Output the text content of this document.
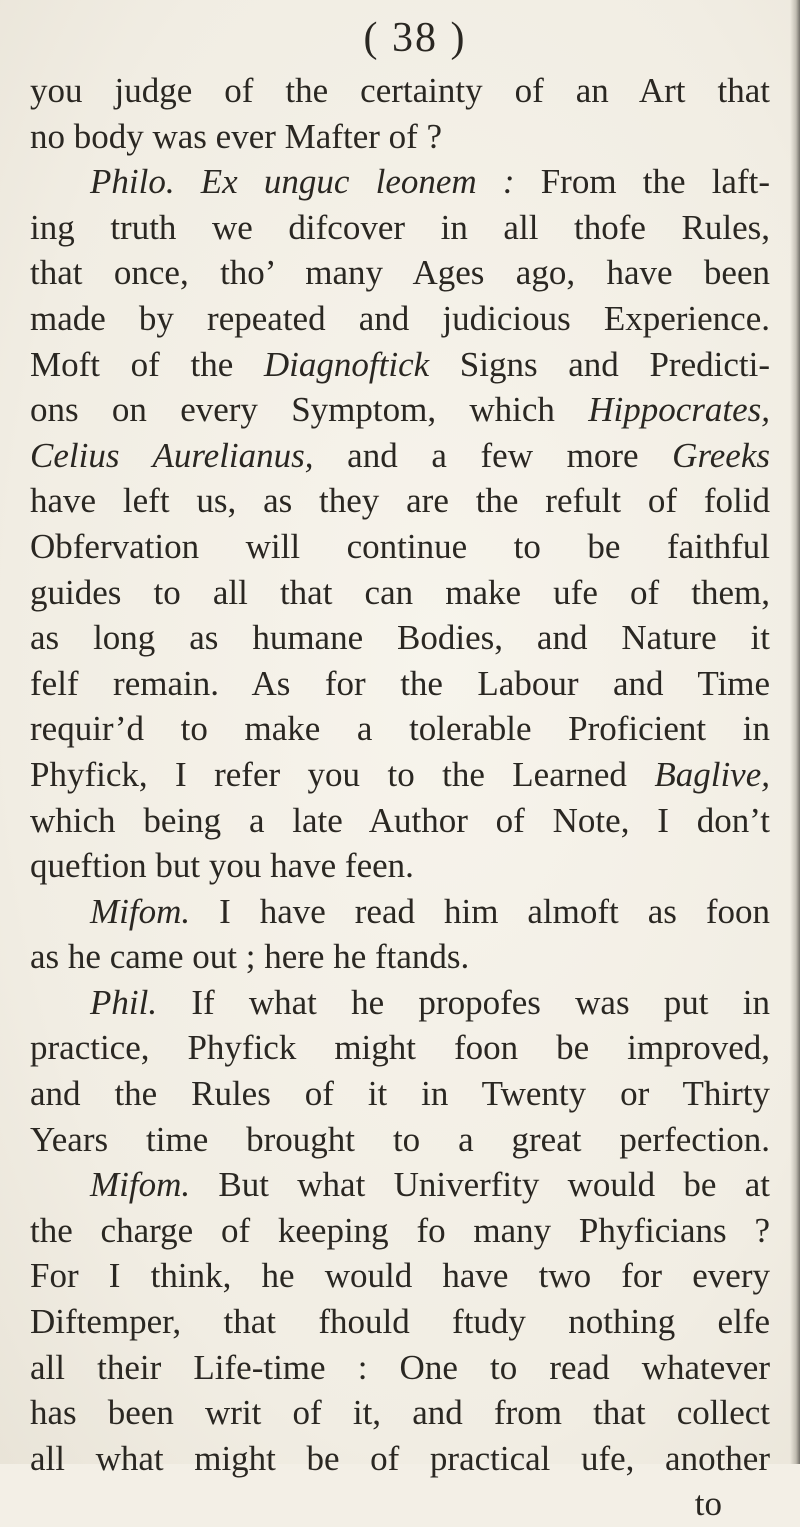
( 38 )
you judge of the certainty of an Art that
no body was ever Mafter of ?
Philo. Ex unguc leonem : From the laft-
ing truth we difcover in all thofe Rules,
that once, tho’ many Ages ago, have been
made by repeated and judicious Experience.
Moft of the Diagnoftick Signs and Predicti-
ons on every Symptom, which Hippocrates,
Celius Aurelianus, and a few more Greeks
have left us, as they are the refult of folid
Obfervation will continue to be faithful
guides to all that can make ufe of them,
as long as humane Bodies, and Nature it
felf remain. As for the Labour and Time
requir’d to make a tolerable Proficient in
Phyfick, I refer you to the Learned Baglive,
which being a late Author of Note, I don’t
queftion but you have feen.
Mifom. I have read him almoft as foon
as he came out ; here he ftands.
Phil. If what he propofes was put in
practice, Phyfick might foon be improved,
and the Rules of it in Twenty or Thirty
Years time brought to a great perfection.
Mifom. But what Univerfity would be at
the charge of keeping fo many Phyficians ?
For I think, he would have two for every
Diftemper, that fhould ftudy nothing elfe
all their Life-time : One to read whatever
has been writ of it, and from that collect
all what might be of practical ufe, another
to
